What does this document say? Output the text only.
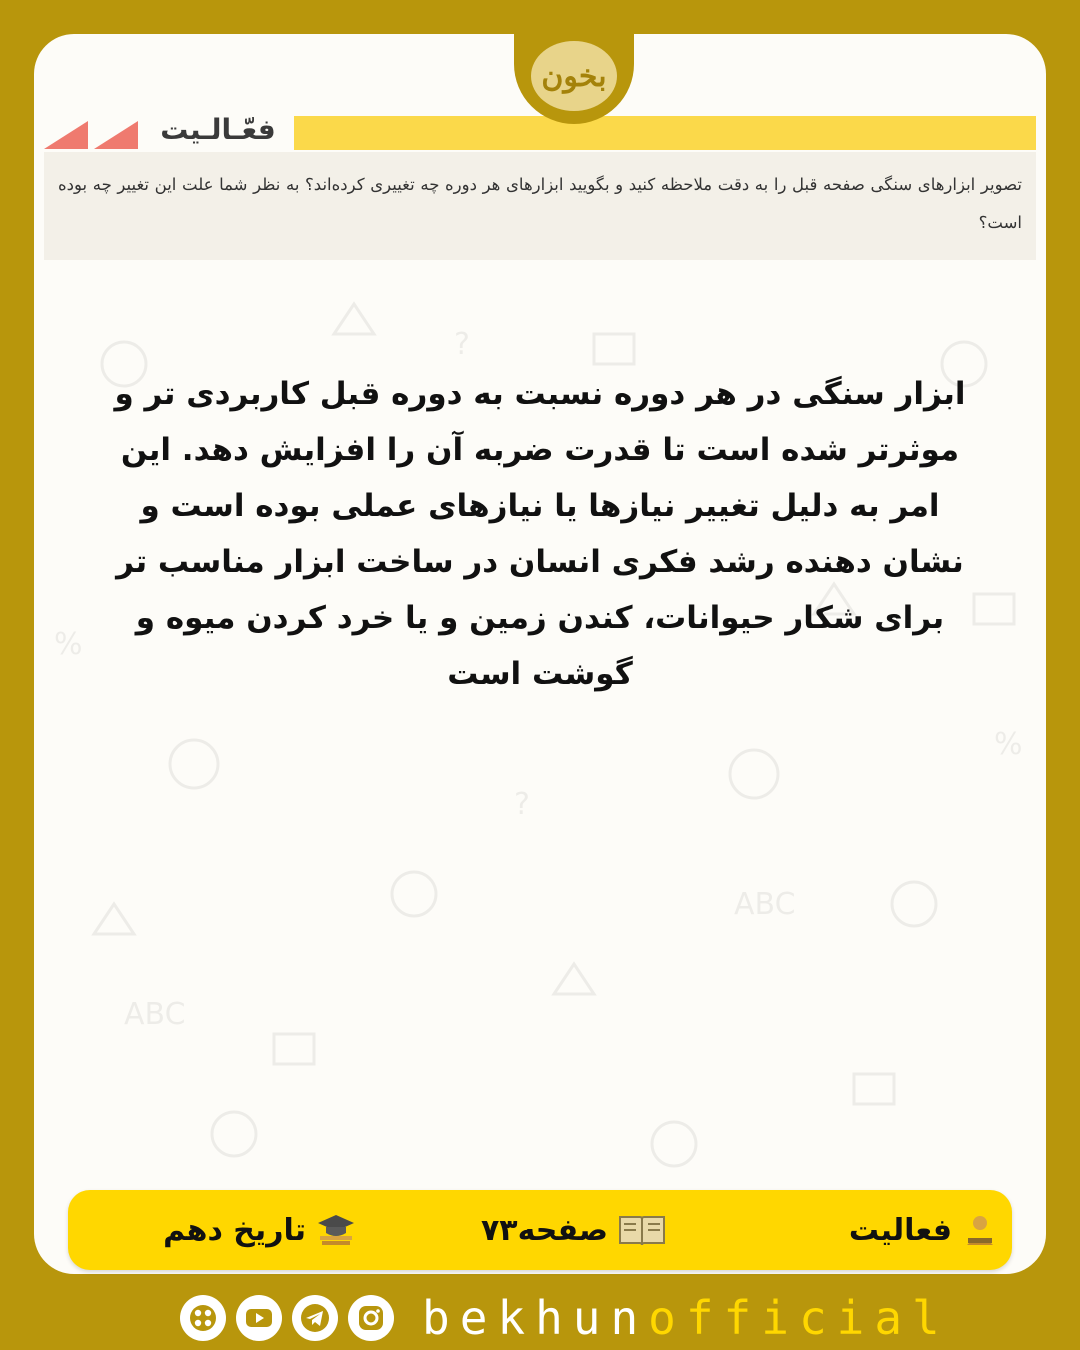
?
%
%
?
ABC
ABC
بخون
فعّـالـیت
تصویر ابزارهای سنگی صفحه قبل را به دقت ملاحظه کنید و بگویید ابزارهای هر دوره چه تغییری کرده‌اند؟ به نظر شما علت این تغییر چه بوده است؟
ابزار سنگی در هر دوره نسبت به دوره قبل کاربردی تر و
موثرتر شده است تا قدرت ضربه آن را افزایش دهد. این
امر به دلیل تغییر نیازها یا نیازهای عملی بوده است و
نشان دهنده رشد فکری انسان در ساخت ابزار مناسب تر
برای شکار حیوانات، کندن زمین و یا خرد کردن میوه و
گوشت است
فعالیت
صفحه۷۳
تاریخ دهم
bekhunofficial
